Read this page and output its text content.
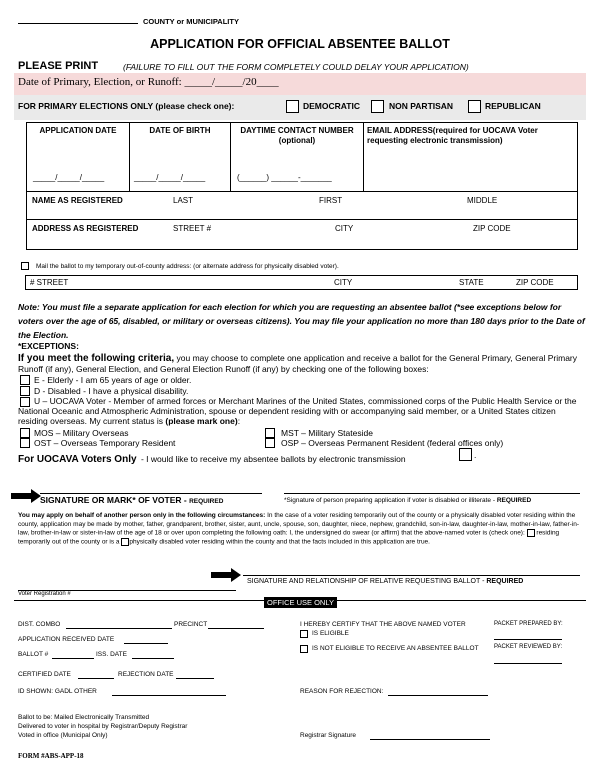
COUNTY or MUNICIPALITY
APPLICATION FOR OFFICIAL ABSENTEE BALLOT
PLEASE PRINT	(FAILURE TO FILL OUT THE FORM COMPLETELY COULD DELAY YOUR APPLICATION)
Date of Primary, Election, or Runoff: _____/_____/20____
FOR PRIMARY ELECTIONS ONLY (please check one):	DEMOCRATIC	NON PARTISAN	REPUBLICAN
APPLICATION DATE	DATE OF BIRTH	DAYTIME CONTACT NUMBER (optional)
EMAIL ADDRESS(required for UOCAVA Voter requesting electronic transmission)
_____/_____/_____	_____/_____/_____	(______) ______-_______
NAME AS REGISTERED	LAST	FIRST	MIDDLE
ADDRESS AS REGISTERED	STREET #	CITY	ZIP CODE
Mail the ballot to my temporary out-of-county address: (or alternate address for physically disabled voter).
# STREET	CITY	STATE	ZIP CODE
Note: You must file a separate application for each election for which you are requesting an absentee ballot (*see exceptions below for voters over the age of 65, disabled, or military or overseas citizens). You may file your application no more than 180 days prior to the Date of the Election.
*EXCEPTIONS:
If you meet the following criteria, you may choose to complete one application and receive a ballot for the General Primary, General Primary Runoff (if any), General Election, and General Election Runoff (if any) by checking one of the following boxes:
E - Elderly - I am 65 years of age or older.
D - Disabled - I have a physical disability.
U – UOCAVA Voter - Member of armed forces or Merchant Marines of the United States, commissioned corps of the Public Health Service or the National Oceanic and Atmospheric Administration, spouse or dependent residing with or accompanying said member, or a United States citizen residing overseas. My current status is (please mark one):
MOS – Military Overseas	MST – Military Stateside
OST – Overseas Temporary Resident	OSP – Overseas Permanent Resident (federal offices only)
For UOCAVA Voters Only - I would like to receive my absentee ballots by electronic transmission	.
SIGNATURE OR MARK* OF VOTER - REQUIRED	*Signature of person preparing application if voter is disabled or illiterate - REQUIRED
You may apply on behalf of another person only in the following circumstances: In the case of a voter residing temporarily out of the county or a physically disabled voter residing within the county, application may be made by mother, father, grandparent, brother, sister, aunt, uncle, spouse, son, daughter, niece, nephew, grandchild, son-in-law, daughter-in-law, mother-in-law, father-in-law, brother-in-law or sister-in-law of the age of 18 or over upon completing the following oath: I, the undersigned do swear (or affirm) that the above-named voter is (check one): residing temporarily out of the county or is a physically disabled voter residing within the county and that the facts included in this application are true.
SIGNATURE AND RELATIONSHIP OF RELATIVE REQUESTING BALLOT - REQUIRED
Voter Registration #
OFFICE USE ONLY
DIST. COMBO	PRECINCT
APPLICATION RECEIVED DATE
BALLOT #	ISS. DATE
CERTIFIED DATE	REJECTION DATE
ID SHOWN: GADL OTHER
I HEREBY CERTIFY THAT THE ABOVE NAMED VOTER
IS ELIGIBLE
IS NOT ELIGIBLE TO RECEIVE AN ABSENTEE BALLOT
PACKET PREPARED BY:
PACKET REVIEWED BY:
REASON FOR REJECTION:
Ballot to be: Mailed Electronically Transmitted
Delivered to voter in hospital by Registrar/Deputy Registrar
Voted in office (Municipal Only)	Registrar Signature
FORM #ABS-APP-18
